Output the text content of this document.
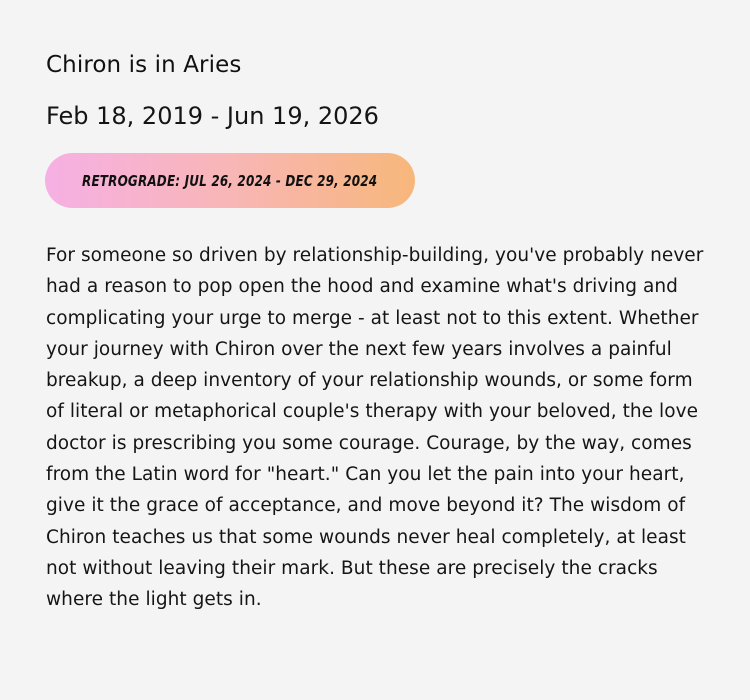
Chiron is in Aries
Feb 18, 2019 - Jun 19, 2026
RETROGRADE: JUL 26, 2024 - DEC 29, 2024
For someone so driven by relationship-building, you've probably never had a reason to pop open the hood and examine what's driving and complicating your urge to merge - at least not to this extent. Whether your journey with Chiron over the next few years involves a painful breakup, a deep inventory of your relationship wounds, or some form of literal or metaphorical couple's therapy with your beloved, the love doctor is prescribing you some courage. Courage, by the way, comes from the Latin word for "heart." Can you let the pain into your heart, give it the grace of acceptance, and move beyond it? The wisdom of Chiron teaches us that some wounds never heal completely, at least not without leaving their mark. But these are precisely the cracks where the light gets in.
